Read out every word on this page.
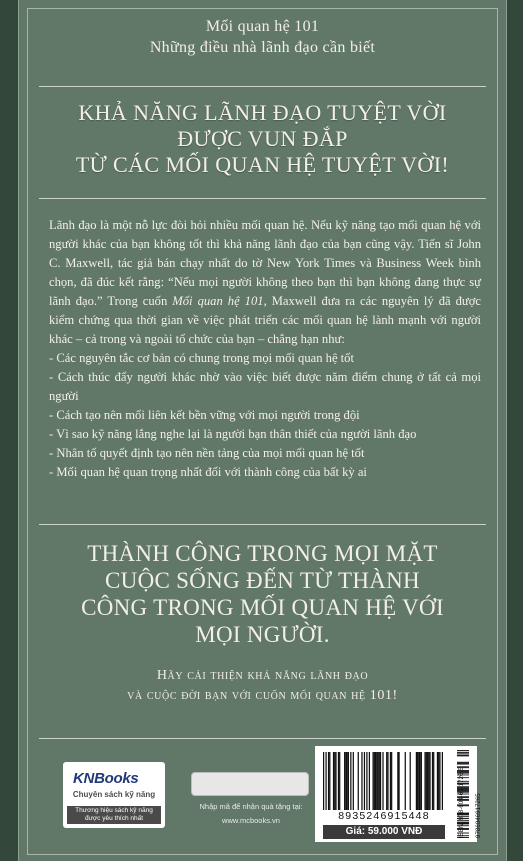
Mối quan hệ 101
Những điều nhà lãnh đạo cần biết
KHẢ NĂNG LÃNH ĐẠO TUYỆT VỜI
ĐƯỢC VUN ĐẮP
TỪ CÁC MỐI QUAN HỆ TUYỆT VỜI!

Lãnh đạo là một nỗ lực đòi hỏi nhiều mối quan hệ. Nếu kỹ năng tạo mối quan hệ với người khác của bạn không tốt thì khả năng lãnh đạo của bạn cũng vậy. Tiến sĩ John C. Maxwell, tác giả bán chạy nhất do tờ New York Times và Business Week bình chọn, đã đúc kết rằng: “Nếu mọi người không theo bạn thì bạn không đang thực sự lãnh đạo.” Trong cuốn Mối quan hệ 101, Maxwell đưa ra các nguyên lý đã được kiểm chứng qua thời gian về việc phát triển các mối quan hệ lành mạnh với người khác – cả trong và ngoài tổ chức của bạn – chẳng hạn như:

- Các nguyên tắc cơ bản có chung trong mọi mối quan hệ tốt
- Cách thúc đẩy người khác nhờ vào việc biết được năm điểm chung ở tất cả mọi người
- Cách tạo nên mối liên kết bền vững với mọi người trong đội
- Vì sao kỹ năng lắng nghe lại là người bạn thân thiết của người lãnh đạo
- Nhân tố quyết định tạo nên nền tảng của mọi mối quan hệ tốt
- Mối quan hệ quan trọng nhất đối với thành công của bất kỳ ai
THÀNH CÔNG TRONG MỌI MẶT
CUỘC SỐNG ĐẾN TỪ THÀNH
CÔNG TRONG MỐI QUAN HỆ VỚI
MỌI NGƯỜI.
Hãy cải thiện khả năng lãnh đạo
và cuộc đời bạn với cuốn mối quan hệ 101!
KNBooks
Chuyên sách kỹ năng
Thương hiệu sách kỹ năng
được yêu thích nhất
Nhập mã để nhận quà tặng tại:
www.mcbooks.vn	8935246915448
Giá: 59.000 VNĐ	ISBN: 978-604-69-1726-5 9786046917265
